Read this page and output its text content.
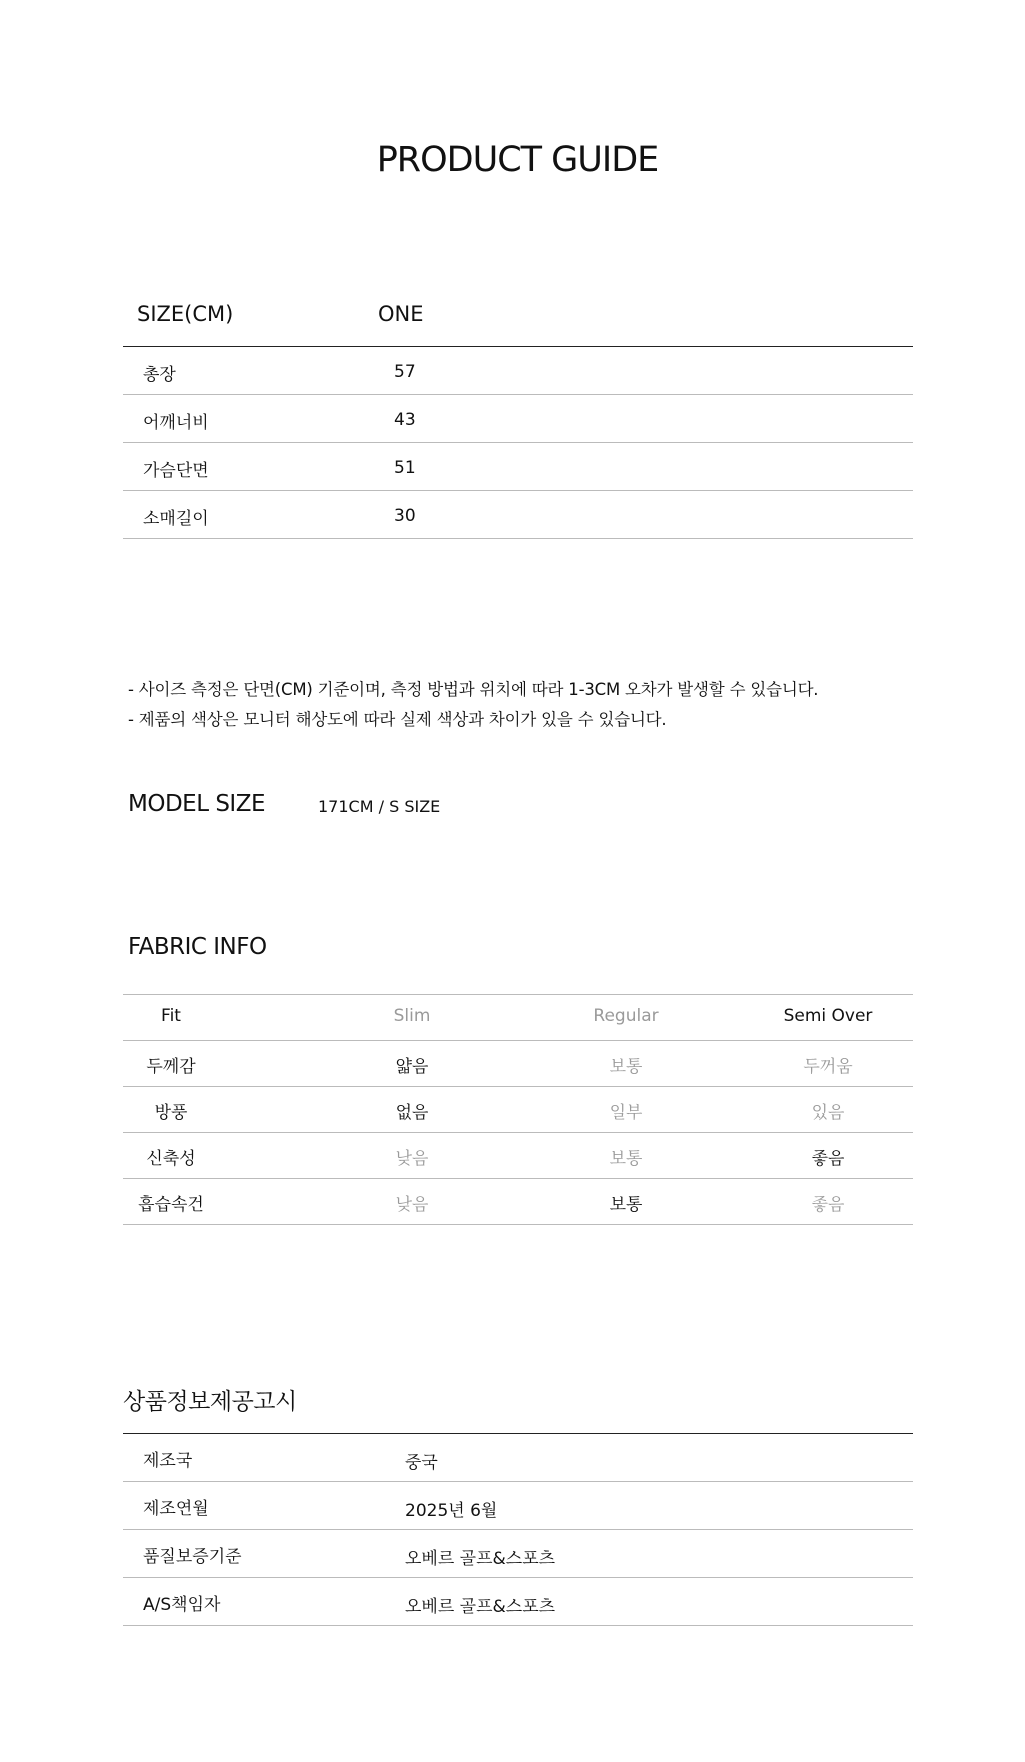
PRODUCT GUIDE
SIZE(CM)	ONE
총장	57
어깨너비	43
가슴단면	51
소매길이	30
- 사이즈 측정은 단면(CM) 기준이며, 측정 방법과 위치에 따라 1-3CM 오차가 발생할 수 있습니다.
- 제품의 색상은 모니터 해상도에 따라 실제 색상과 차이가 있을 수 있습니다.
MODEL SIZE	171CM / S SIZE
FABRIC INFO
Fit	Slim	Regular	Semi Over
두께감	얇음	보통	두꺼움
방풍	없음	일부	있음
신축성	낮음	보통	좋음
흡습속건	낮음	보통	좋음
상품정보제공고시
제조국	중국
제조연월	2025년 6월
품질보증기준	오베르 골프&스포츠
A/S책임자	오베르 골프&스포츠
